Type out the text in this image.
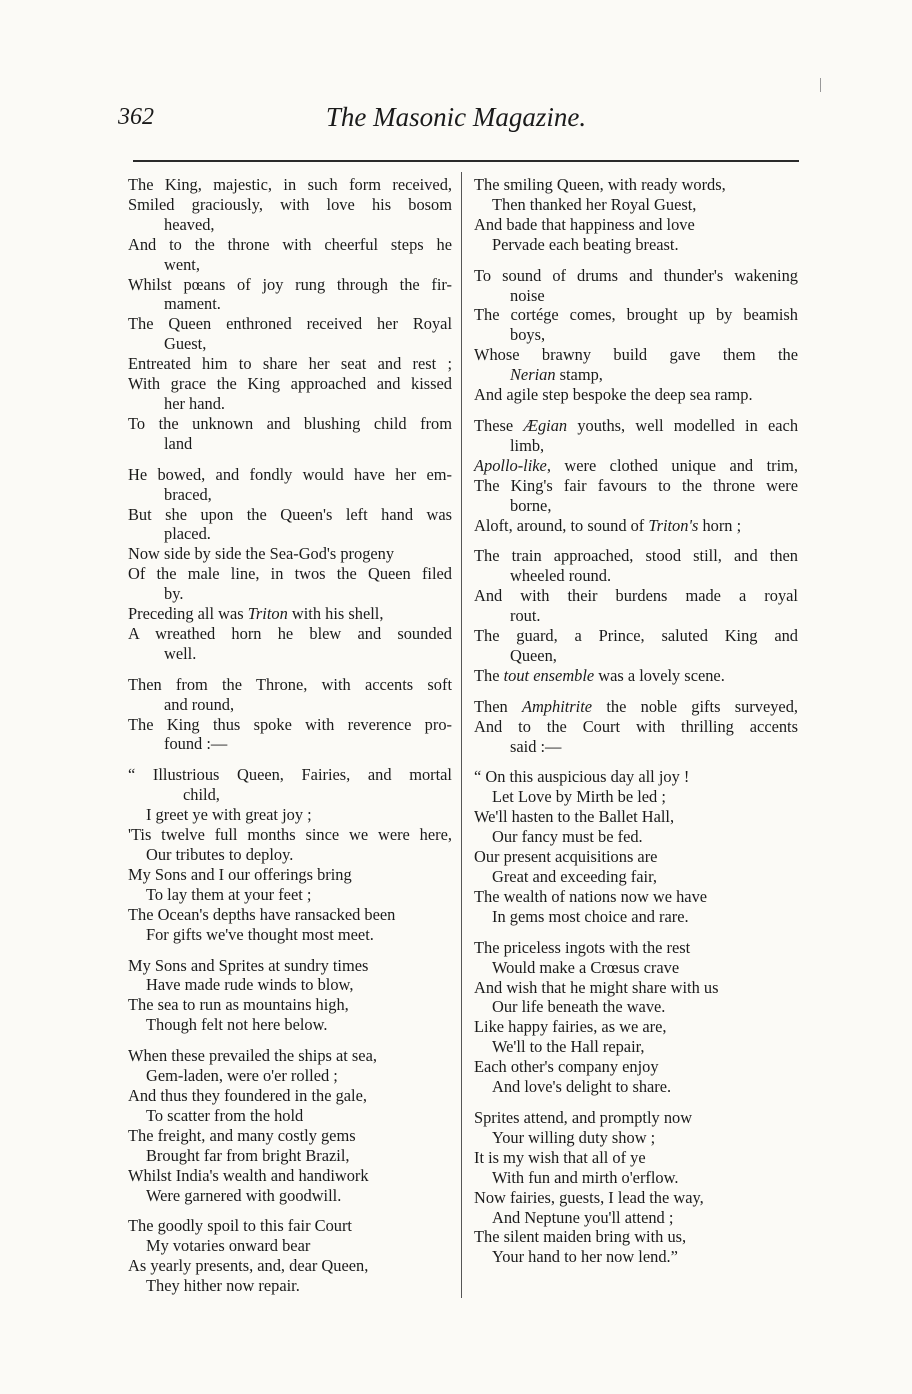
362	The Masonic Magazine.
The King, majestic, in such form received,
Smiled graciously, with love his bosom
heaved,
And to the throne with cheerful steps he
went,
Whilst pœans of joy rung through the fir-
mament.
The Queen enthroned received her Royal
Guest,
Entreated him to share her seat and rest ;
With grace the King approached and kissed
her hand.
To the unknown and blushing child from
land
He bowed, and fondly would have her em-
braced,
But she upon the Queen's left hand was
placed.
Now side by side the Sea-God's progeny
Of the male line, in twos the Queen filed
by.
Preceding all was Triton with his shell,
A wreathed horn he blew and sounded
well.
Then from the Throne, with accents soft
and round,
The King thus spoke with reverence pro-
found :—
“ Illustrious Queen, Fairies, and mortal
child,
I greet ye with great joy ;
'Tis twelve full months since we were here,
Our tributes to deploy.
My Sons and I our offerings bring
To lay them at your feet ;
The Ocean's depths have ransacked been
For gifts we've thought most meet.
My Sons and Sprites at sundry times
Have made rude winds to blow,
The sea to run as mountains high,
Though felt not here below.
When these prevailed the ships at sea,
Gem-laden, were o'er rolled ;
And thus they foundered in the gale,
To scatter from the hold
The freight, and many costly gems
Brought far from bright Brazil,
Whilst India's wealth and handiwork
Were garnered with goodwill.
The goodly spoil to this fair Court
My votaries onward bear
As yearly presents, and, dear Queen,
They hither now repair.
The smiling Queen, with ready words,
Then thanked her Royal Guest,
And bade that happiness and love
Pervade each beating breast.
To sound of drums and thunder's wakening
noise
The cortége comes, brought up by beamish
boys,
Whose brawny build gave them the
Nerian stamp,
And agile step bespoke the deep sea ramp.
These Ægian youths, well modelled in each
limb,
Apollo-like, were clothed unique and trim,
The King's fair favours to the throne were
borne,
Aloft, around, to sound of Triton's horn ;
The train approached, stood still, and then
wheeled round.
And with their burdens made a royal
rout.
The guard, a Prince, saluted King and
Queen,
The tout ensemble was a lovely scene.
Then Amphitrite the noble gifts surveyed,
And to the Court with thrilling accents
said :—
“ On this auspicious day all joy !
Let Love by Mirth be led ;
We'll hasten to the Ballet Hall,
Our fancy must be fed.
Our present acquisitions are
Great and exceeding fair,
The wealth of nations now we have
In gems most choice and rare.
The priceless ingots with the rest
Would make a Crœsus crave
And wish that he might share with us
Our life beneath the wave.
Like happy fairies, as we are,
We'll to the Hall repair,
Each other's company enjoy
And love's delight to share.
Sprites attend, and promptly now
Your willing duty show ;
It is my wish that all of ye
With fun and mirth o'erflow.
Now fairies, guests, I lead the way,
And Neptune you'll attend ;
The silent maiden bring with us,
Your hand to her now lend.”
